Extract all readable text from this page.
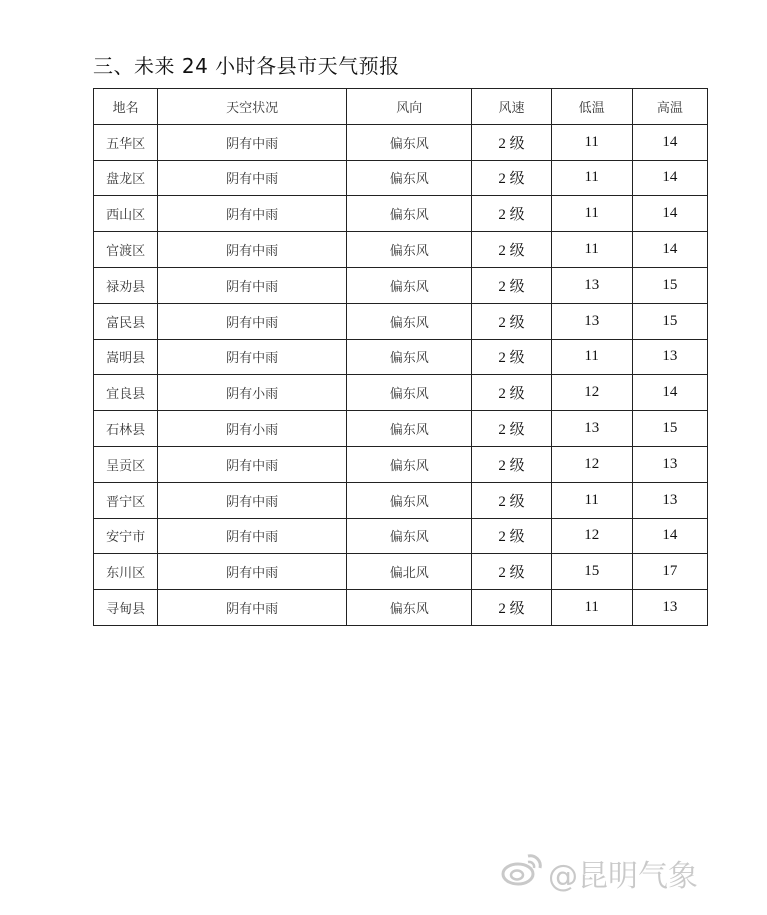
三、未来 24 小时各县市天气预报
地名	天空状况	风向	风速	低温	高温
五华区	阴有中雨	偏东风	2 级	11	14
盘龙区	阴有中雨	偏东风	2 级	11	14
西山区	阴有中雨	偏东风	2 级	11	14
官渡区	阴有中雨	偏东风	2 级	11	14
禄劝县	阴有中雨	偏东风	2 级	13	15
富民县	阴有中雨	偏东风	2 级	13	15
嵩明县	阴有中雨	偏东风	2 级	11	13
宜良县	阴有小雨	偏东风	2 级	12	14
石林县	阴有小雨	偏东风	2 级	13	15
呈贡区	阴有中雨	偏东风	2 级	12	13
晋宁区	阴有中雨	偏东风	2 级	11	13
安宁市	阴有中雨	偏东风	2 级	12	14
东川区	阴有中雨	偏北风	2 级	15	17
寻甸县	阴有中雨	偏东风	2 级	11	13
@昆明气象
